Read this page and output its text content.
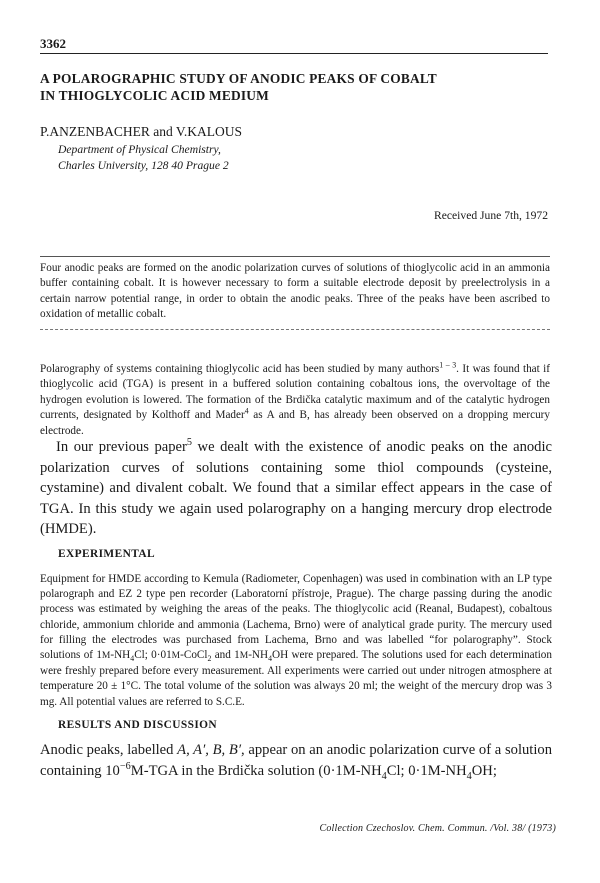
3362
A POLAROGRAPHIC STUDY OF ANODIC PEAKS OF COBALT
IN THIOGLYCOLIC ACID MEDIUM
P.ANZENBACHER and V.KALOUS
Department of Physical Chemistry,
Charles University, 128 40 Prague 2
Received June 7th, 1972
Four anodic peaks are formed on the anodic polarization curves of solutions of thioglycolic acid in an ammonia buffer containing cobalt. It is however necessary to form a suitable electrode deposit by preelectrolysis in a certain narrow potential range, in order to obtain the anodic peaks. Three of the peaks have been ascribed to oxidation of metallic cobalt.
Polarography of systems containing thioglycolic acid has been studied by many authors$^{1 - 3}$. It was found that if thioglycolic acid (TGA) is present in a buffered solution containing cobaltous ions, the overvoltage of the hydrogen evolution is lowered. The formation of the Brdička catalytic maximum and of the catalytic hydrogen currents, designated by Kolthoff and Mader$^4$ as A and B, has already been observed on a dropping mercury electrode.
In our previous paper$^5$ we dealt with the existence of anodic peaks on the anodic polarization curves of solutions containing some thiol compounds (cysteine, cystamine) and divalent cobalt. We found that a similar effect appears in the case of TGA. In this study we again used polarography on a hanging mercury drop electrode (HMDE).
EXPERIMENTAL
Equipment for HMDE according to Kemula (Radiometer, Copenhagen) was used in combination with an LP type polarograph and EZ 2 type pen recorder (Laboratorní přístroje, Prague). The charge passing during the anodic process was estimated by weighing the areas of the peaks. The thioglycolic acid (Reanal, Budapest), cobaltous chloride, ammonium chloride and ammonia (Lachema, Brno) were of analytical grade purity. The mercury used for filling the electrodes was purchased from Lachema, Brno and was labelled “for polarography”. Stock solutions of $1M-NH_4Cl$; 0·01M-CoCl$_2$ and $1M-NH_4OH$ were prepared. The solutions used for each determination were freshly prepared before every measurement. All experiments were carried out under nitrogen atmosphere at temperature 20 ± 1°C. The total volume of the solution was always 20 ml; the weight of the mercury drop was 3 mg. All potential values are referred to S.C.E.
RESULTS AND DISCUSSION
Anodic peaks, labelled A, A′, B, B′, appear on an anodic polarization curve of a solution containing $10^{-6}M$-TGA in the Brdička solution ($0\cdot 1M-NH_4Cl$; $0\cdot 1M-NH_4OH$;
Collection Czechoslov. Chem. Commun. /Vol. 38/ (1973)
